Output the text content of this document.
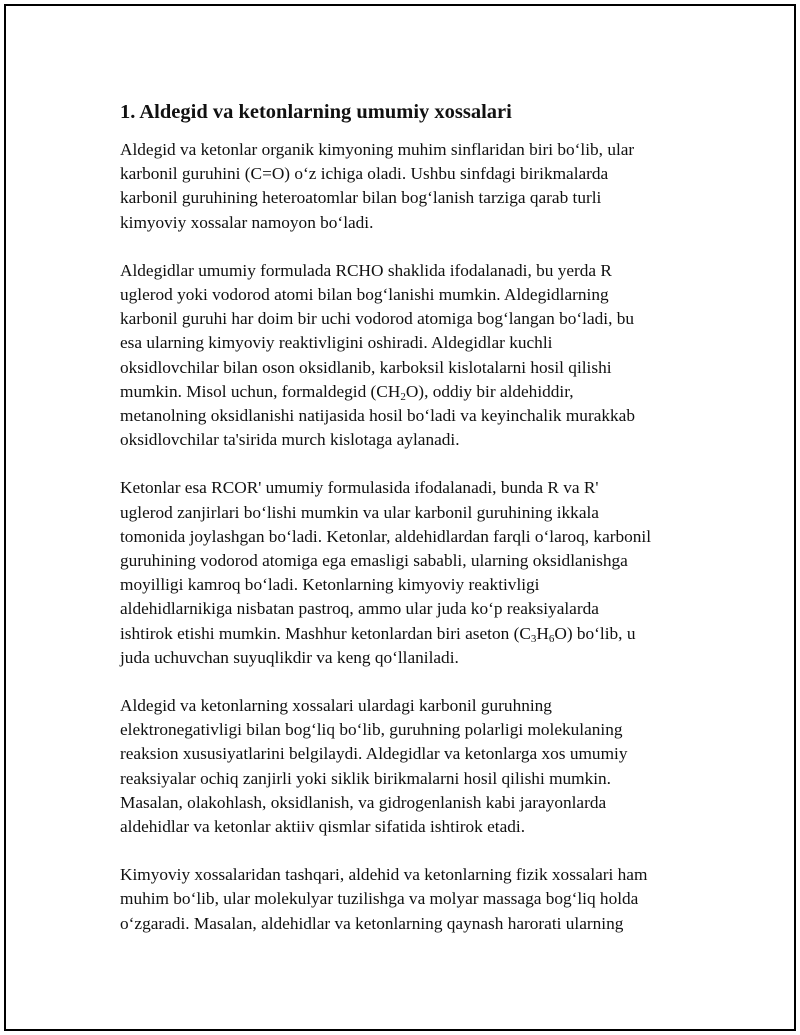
1. Aldegid va ketonlarning umumiy xossalari
Aldegid va ketonlar organik kimyoning muhim sinflaridan biri bo‘lib, ular
karbonil guruhini (C=O) o‘z ichiga oladi. Ushbu sinfdagi birikmalarda
karbonil guruhining heteroatomlar bilan bog‘lanish tarziga qarab turli
kimyoviy xossalar namoyon bo‘ladi.
Aldegidlar umumiy formulada RCHO shaklida ifodalanadi, bu yerda R
uglerod yoki vodorod atomi bilan bog‘lanishi mumkin. Aldegidlarning
karbonil guruhi har doim bir uchi vodorod atomiga bog‘langan bo‘ladi, bu
esa ularning kimyoviy reaktivligini oshiradi. Aldegidlar kuchli
oksidlovchilar bilan oson oksidlanib, karboksil kislotalarni hosil qilishi
mumkin. Misol uchun, formaldegid $(CH_2O)$, oddiy bir aldehiddir,
metanolning oksidlanishi natijasida hosil bo‘ladi va keyinchalik murakkab
oksidlovchilar ta'sirida murch kislotaga aylanadi.
Ketonlar esa RCOR' umumiy formulasida ifodalanadi, bunda R va R'
uglerod zanjirlari bo‘lishi mumkin va ular karbonil guruhining ikkala
tomonida joylashgan bo‘ladi. Ketonlar, aldehidlardan farqli o‘laroq, karbonil
guruhining vodorod atomiga ega emasligi sababli, ularning oksidlanishga
moyilligi kamroq bo‘ladi. Ketonlarning kimyoviy reaktivligi
aldehidlarnikiga nisbatan pastroq, ammo ular juda ko‘p reaksiyalarda
ishtirok etishi mumkin. Mashhur ketonlardan biri aseton $(C_3H_6O)$ bo‘lib, u
juda uchuvchan suyuqlikdir va keng qo‘llaniladi.
Aldegid va ketonlarning xossalari ulardagi karbonil guruhning
elektronegativligi bilan bog‘liq bo‘lib, guruhning polarligi molekulaning
reaksion xususiyatlarini belgilaydi. Aldegidlar va ketonlarga xos umumiy
reaksiyalar ochiq zanjirli yoki siklik birikmalarni hosil qilishi mumkin.
Masalan, olakohlash, oksidlanish, va gidrogenlanish kabi jarayonlarda
aldehidlar va ketonlar aktiiv qismlar sifatida ishtirok etadi.
Kimyoviy xossalaridan tashqari, aldehid va ketonlarning fizik xossalari ham
muhim bo‘lib, ular molekulyar tuzilishga va molyar massaga bog‘liq holda
o‘zgaradi. Masalan, aldehidlar va ketonlarning qaynash harorati ularning
